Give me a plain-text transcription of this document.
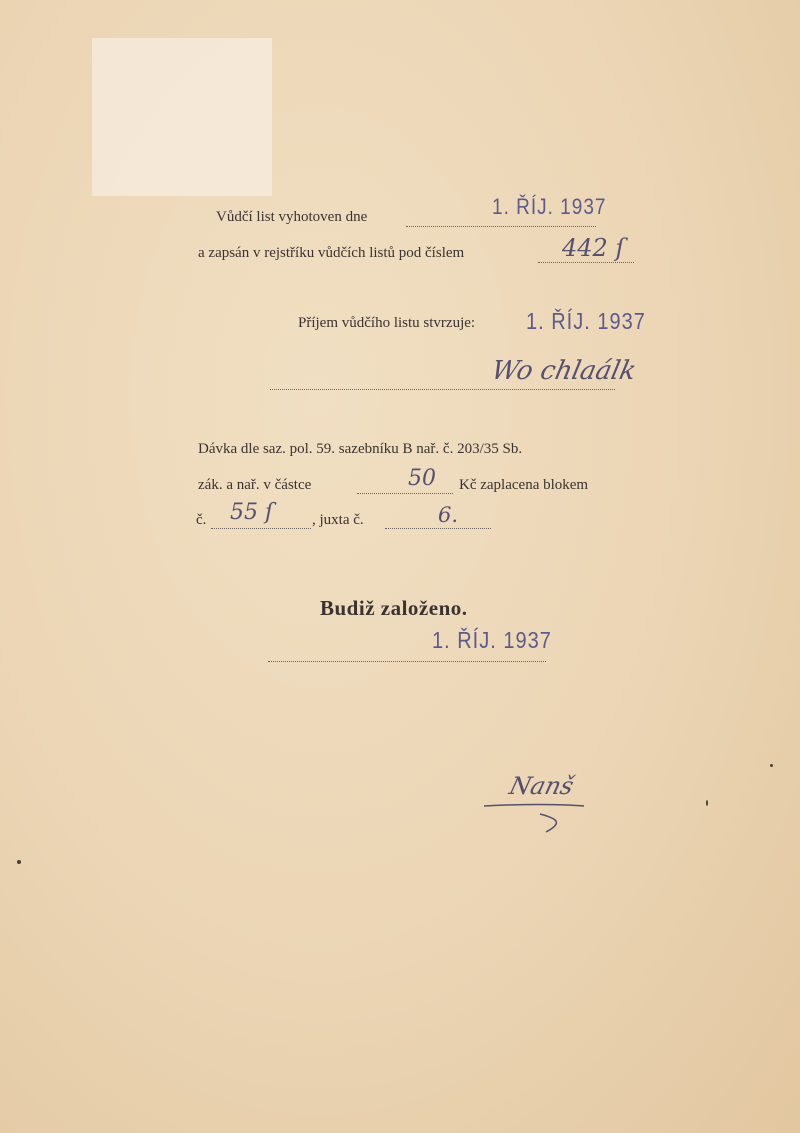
Vůdčí list vyhotoven dne	1. ŘÍJ. 1937
a zapsán v rejstříku vůdčích listů pod číslem	442 ſ
Příjem vůdčího listu stvrzuje:	1. ŘÍJ. 1937
Wo chlaálk
Dávka dle saz. pol. 59. sazebníku B nař. č. 203/35 Sb.
zák. a nař. v částce	50 Kč zaplacena blokem
č. 55 ſ	, juxta č.	6.
Budiž založeno.
1. ŘÍJ. 1937
Nanš
